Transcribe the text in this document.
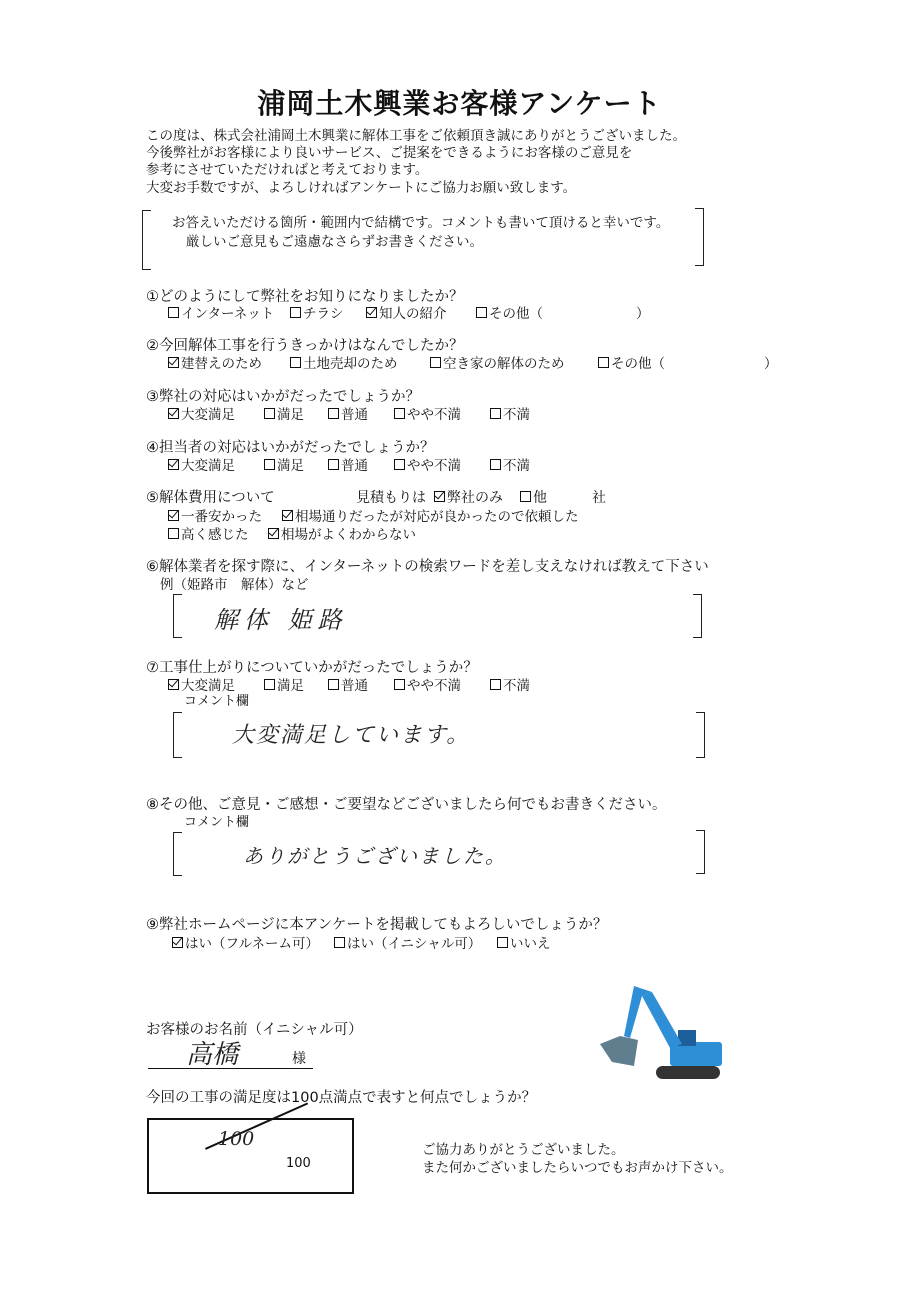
浦岡土木興業お客様アンケート
この度は、株式会社浦岡土木興業に解体工事をご依頼頂き誠にありがとうございました。
今後弊社がお客様により良いサービス、ご提案をできるようにお客様のご意見を
参考にさせていただければと考えております。
大変お手数ですが、よろしければアンケートにご協力お願い致します。
お答えいただける箇所・範囲内で結構です。コメントも書いて頂けると幸いです。
厳しいご意見もご遠慮なさらずお書きください。
①どのようにして弊社をお知りになりましたか？
インターネット	チラシ	知人の紹介	その他（	）
②今回解体工事を行うきっかけはなんでしたか？
建替えのため	土地売却のため	空き家の解体のため	その他（	）
③弊社の対応はいかがだったでしょうか？
大変満足	満足	普通	やや不満	不満
④担当者の対応はいかがだったでしょうか？
大変満足	満足	普通	やや不満	不満
⑤解体費用について	見積もりは	弊社のみ	他	社
一番安かった	相場通りだったが対応が良かったので依頼した
高く感じた	相場がよくわからない
⑥解体業者を探す際に、インターネットの検索ワードを差し支えなければ教えて下さい
例（姫路市　解体）など
解体 姫路
⑦工事仕上がりについていかがだったでしょうか？
大変満足	満足	普通	やや不満	不満
コメント欄
大変満足しています。
⑧その他、ご意見・ご感想・ご要望などございましたら何でもお書きください。
コメント欄
ありがとうございました。
⑨弊社ホームページに本アンケートを掲載してもよろしいでしょうか？
はい（フルネーム可）	はい（イニシャル可）	いいえ
お客様のお名前（イニシャル可）
高橋	様
今回の工事の満足度は100点満点で表すと何点でしょうか？
100
100
ご協力ありがとうございました。
また何かございましたらいつでもお声かけ下さい。
